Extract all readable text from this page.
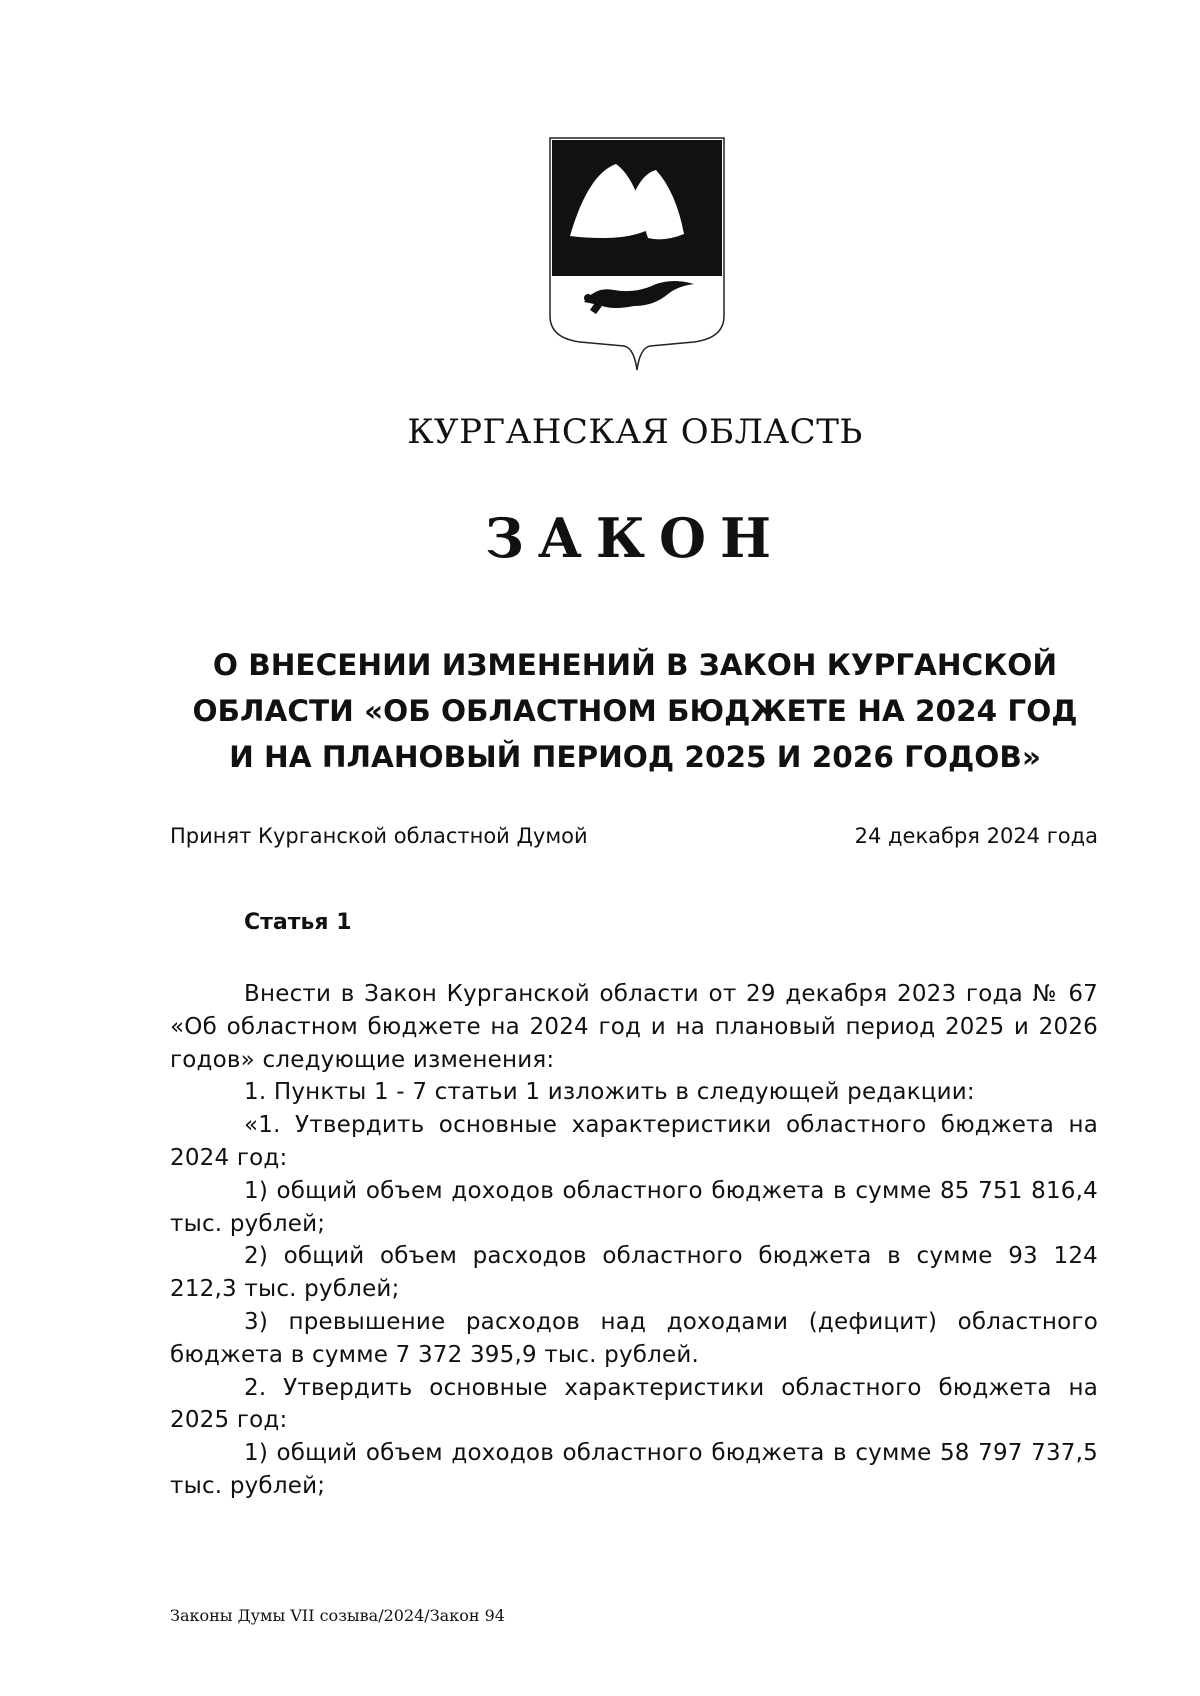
КУРГАНСКАЯ ОБЛАСТЬ
ЗАКОН
О ВНЕСЕНИИ ИЗМЕНЕНИЙ В ЗАКОН КУРГАНСКОЙ
ОБЛАСТИ «ОБ ОБЛАСТНОМ БЮДЖЕТЕ НА 2024 ГОД
И НА ПЛАНОВЫЙ ПЕРИОД 2025 И 2026 ГОДОВ»
Принят Курганской областной Думой	24 декабря 2024 года
Статья 1

Внести в Закон Курганской области от 29 декабря 2023 года № 67 «Об областном бюджете на 2024 год и на плановый период 2025 и 2026 годов» следующие изменения:

1. Пункты 1 - 7 статьи 1 изложить в следующей редакции:

«1. Утвердить основные характеристики областного бюджета на 2024 год:

1) общий объем доходов областного бюджета в сумме 85 751 816,4 тыс. рублей;

2) общий объем расходов областного бюджета в сумме 93 124 212,3 тыс. рублей;

3) превышение расходов над доходами (дефицит) областного бюджета в сумме 7 372 395,9 тыс. рублей.

2. Утвердить основные характеристики областного бюджета на 2025 год:

1) общий объем доходов областного бюджета в сумме 58 797 737,5 тыс. рублей;

Законы Думы VII созыва/2024/Закон 94
